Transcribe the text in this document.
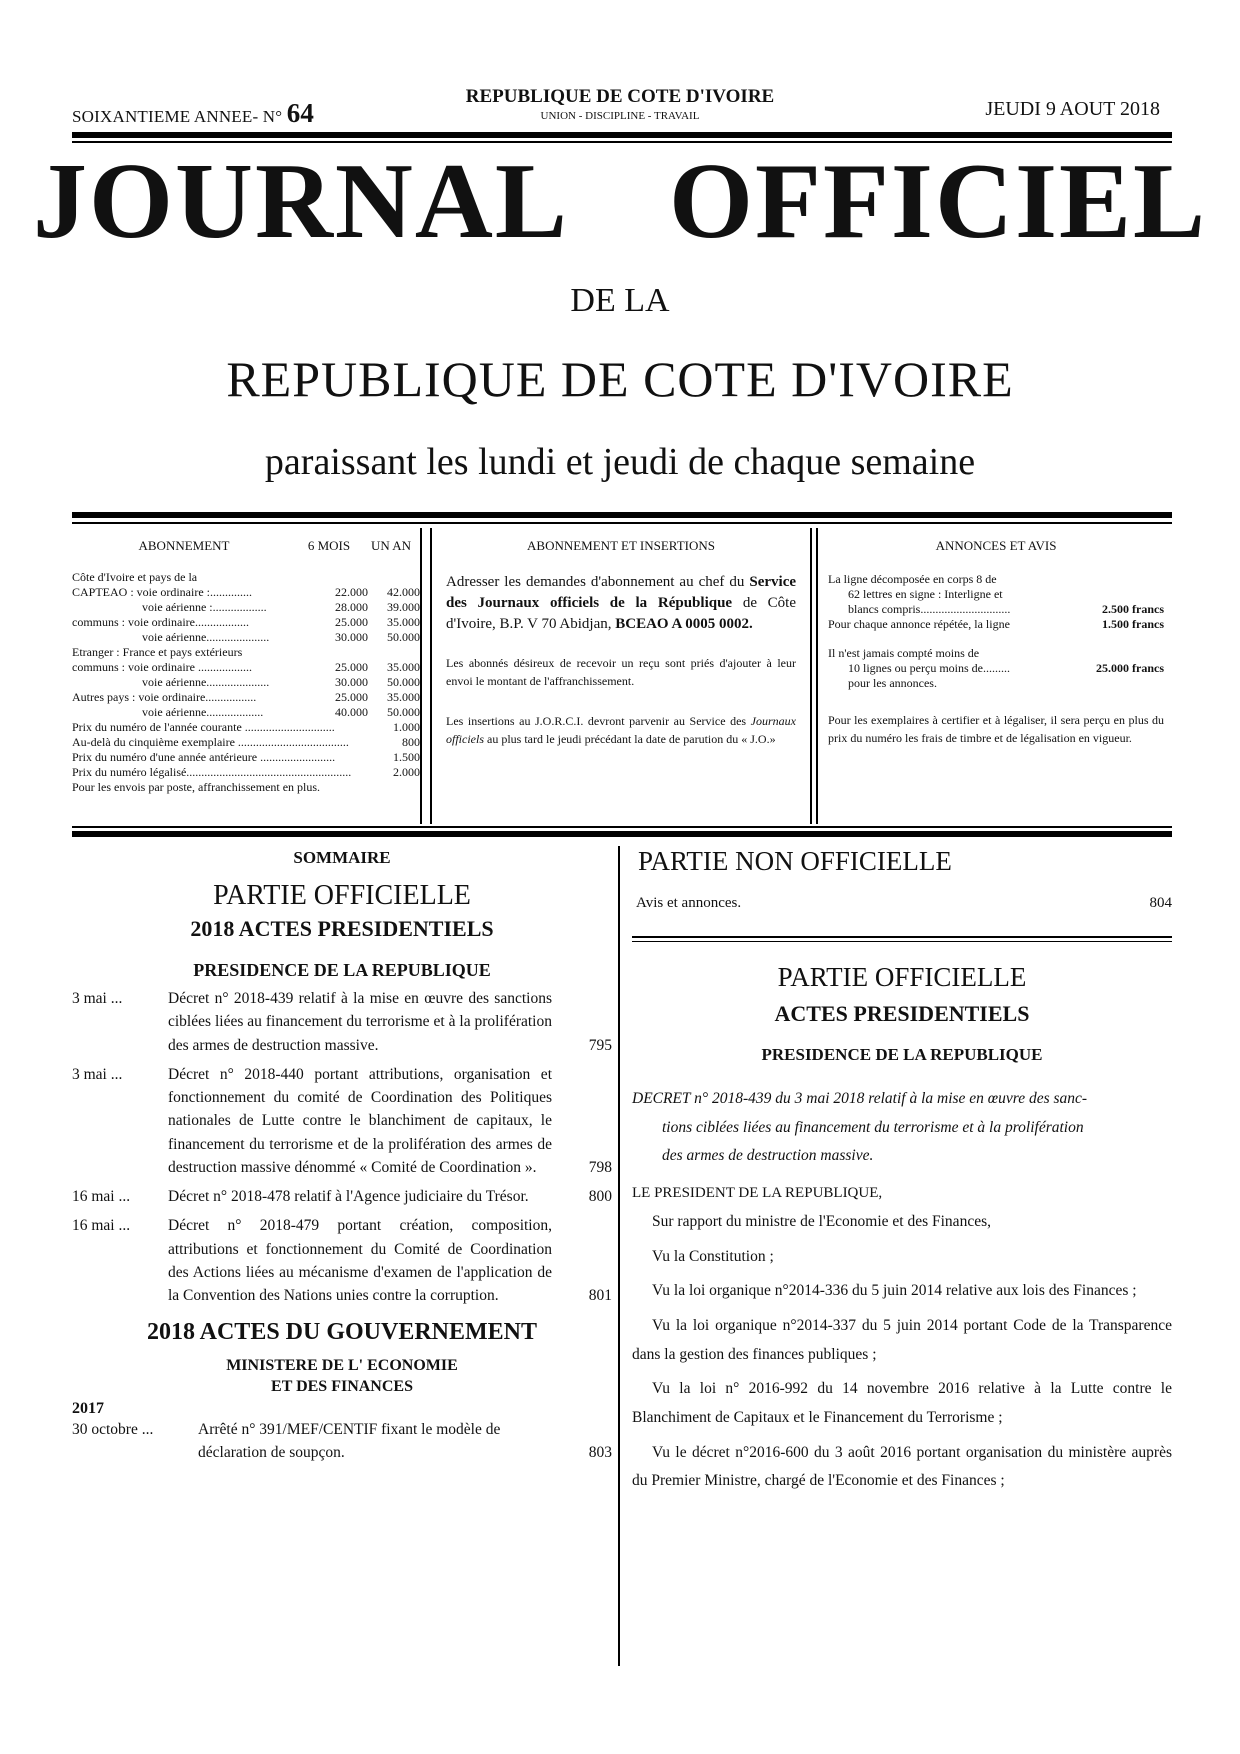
SOIXANTIEME ANNEE- N° 64
REPUBLIQUE DE COTE D'IVOIRE
UNION - DISCIPLINE - TRAVAIL	JEUDI 9 AOUT 2018
JOURNAL OFFICIEL
DE LA
REPUBLIQUE DE COTE D'IVOIRE
paraissant les lundi et jeudi de chaque semaine
ABONNEMENT	6 MOIS	UN AN
Côte d'Ivoire et pays de la
CAPTEAO : voie ordinaire :..............	22.000	42.000
voie aérienne :..................	28.000	39.000
communs : voie ordinaire..................	25.000	35.000
voie aérienne.....................	30.000	50.000
Etranger : France et pays extérieurs
communs : voie ordinaire ..................	25.000	35.000
voie aérienne.....................	30.000	50.000
Autres pays : voie ordinaire.................	25.000	35.000
voie aérienne...................	40.000	50.000
Prix du numéro de l'année courante ..............................	1.000
Au-delà du cinquième exemplaire .....................................	800
Prix du numéro d'une année antérieure .........................	1.500
Prix du numéro légalisé.......................................................	2.000
Pour les envois par poste, affranchissement en plus.
ABONNEMENT ET INSERTIONS
Adresser les demandes d'abonnement au chef du Service des Journaux officiels de la République de Côte d'Ivoire, B.P. V 70 Abidjan, BCEAO A 0005 0002.
Les abonnés désireux de recevoir un reçu sont priés d'ajouter à leur envoi le montant de l'affranchissement.
Les insertions au J.O.R.C.I. devront parvenir au Service des Journaux officiels au plus tard le jeudi précédant la date de parution du « J.O.»
ANNONCES ET AVIS
La ligne décomposée en corps 8 de
62 lettres en signe : Interligne et
blancs compris..............................	2.500 francs
Pour chaque annonce répétée, la ligne	1.500 francs
Il n'est jamais compté moins de
10 lignes ou perçu moins de.........	25.000 francs
pour les annonces.
Pour les exemplaires à certifier et à légaliser, il sera perçu en plus du prix du numéro les frais de timbre et de légalisation en vigueur.
SOMMAIRE
PARTIE OFFICIELLE
2018 ACTES PRESIDENTIELS
PRESIDENCE DE LA REPUBLIQUE
3 mai ...	Décret n° 2018-439 relatif à la mise en œuvre des sanctions ciblées liées au financement du terrorisme et à la prolifération des armes de destruction massive.	795
3 mai ...	Décret n° 2018-440 portant attributions, organisation et fonctionnement du comité de Coordination des Politiques nationales de Lutte contre le blanchiment de capitaux, le financement du terrorisme et de la prolifération des armes de destruction massive dénommé « Comité de Coordination ».	798
16 mai ...	Décret n° 2018-478 relatif à l'Agence judiciaire du Trésor.	800
16 mai ...	Décret n° 2018-479 portant création, composition, attributions et fonctionnement du Comité de Coordination des Actions liées au mécanisme d'examen de l'application de la Convention des Nations unies contre la corruption.	801
2018 ACTES DU GOUVERNEMENT
MINISTERE DE L' ECONOMIE
ET DES FINANCES
2017
30 octobre ...	Arrêté n° 391/MEF/CENTIF fixant le modèle de déclaration de soupçon.	803
PARTIE NON OFFICIELLE
Avis et annonces.	804
PARTIE OFFICIELLE
ACTES PRESIDENTIELS
PRESIDENCE DE LA REPUBLIQUE
DECRET n° 2018-439 du 3 mai 2018 relatif à la mise en œuvre des sanc-
tions ciblées liées au financement du terrorisme et à la prolifération
des armes de destruction massive.
LE PRESIDENT DE LA REPUBLIQUE,
Sur rapport du ministre de l'Economie et des Finances,
Vu la Constitution ;
Vu la loi organique n°2014-336 du 5 juin 2014 relative aux lois des Finances ;
Vu la loi organique n°2014-337 du 5 juin 2014 portant Code de la Transparence dans la gestion des finances publiques ;
Vu la loi n° 2016-992 du 14 novembre 2016 relative à la Lutte contre le Blanchiment de Capitaux et le Financement du Terrorisme ;
Vu le décret n°2016-600 du 3 août 2016 portant organisation du ministère auprès du Premier Ministre, chargé de l'Economie et des Finances ;
